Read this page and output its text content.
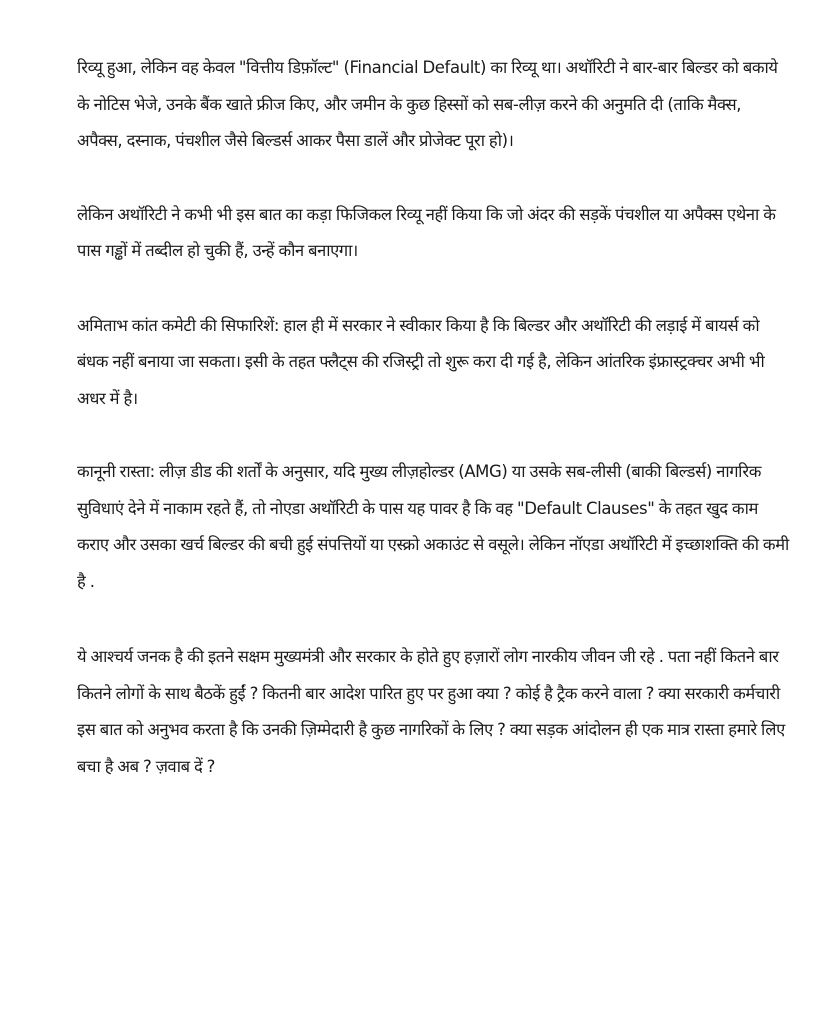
रिव्यू हुआ, लेकिन वह केवल "वित्तीय डिफ़ॉल्ट" (Financial Default) का रिव्यू था। अथॉरिटी ने बार-बार बिल्डर को बकाये के नोटिस भेजे, उनके बैंक खाते फ्रीज किए, और जमीन के कुछ हिस्सों को सब-लीज़ करने की अनुमति दी (ताकि मैक्स, अपैक्स, दस्नाक, पंचशील जैसे बिल्डर्स आकर पैसा डालें और प्रोजेक्ट पूरा हो)।

लेकिन अथॉरिटी ने कभी भी इस बात का कड़ा फिजिकल रिव्यू नहीं किया कि जो अंदर की सड़कें पंचशील या अपैक्स एथेना के पास गड्ढों में तब्दील हो चुकी हैं, उन्हें कौन बनाएगा।

अमिताभ कांत कमेटी की सिफारिशें: हाल ही में सरकार ने स्वीकार किया है कि बिल्डर और अथॉरिटी की लड़ाई में बायर्स को बंधक नहीं बनाया जा सकता। इसी के तहत फ्लैट्स की रजिस्ट्री तो शुरू करा दी गई है, लेकिन आंतरिक इंफ्रास्ट्रक्चर अभी भी अधर में है।

कानूनी रास्ता: लीज़ डीड की शर्तों के अनुसार, यदि मुख्य लीज़होल्डर (AMG) या उसके सब-लीसी (बाकी बिल्डर्स) नागरिक सुविधाएं देने में नाकाम रहते हैं, तो नोएडा अथॉरिटी के पास यह पावर है कि वह "Default Clauses" के तहत खुद काम कराए और उसका खर्च बिल्डर की बची हुई संपत्तियों या एस्क्रो अकाउंट से वसूले। लेकिन नॉएडा अथॉरिटी में इच्छाशक्ति की कमी है .

ये आश्चर्य जनक है की इतने सक्षम मुख्यमंत्री और सरकार के होते हुए हज़ारों लोग नारकीय जीवन जी रहे . पता नहीं कितने बार कितने लोगों के साथ बैठकें हुईं ? कितनी बार आदेश पारित हुए पर हुआ क्या ? कोई है ट्रैक करने वाला ? क्या सरकारी कर्मचारी इस बात को अनुभव करता है कि उनकी ज़िम्मेदारी है कुछ नागरिकों के लिए ? क्या सड़क आंदोलन ही एक मात्र रास्ता हमारे लिए बचा है अब ? ज़वाब दें ?
